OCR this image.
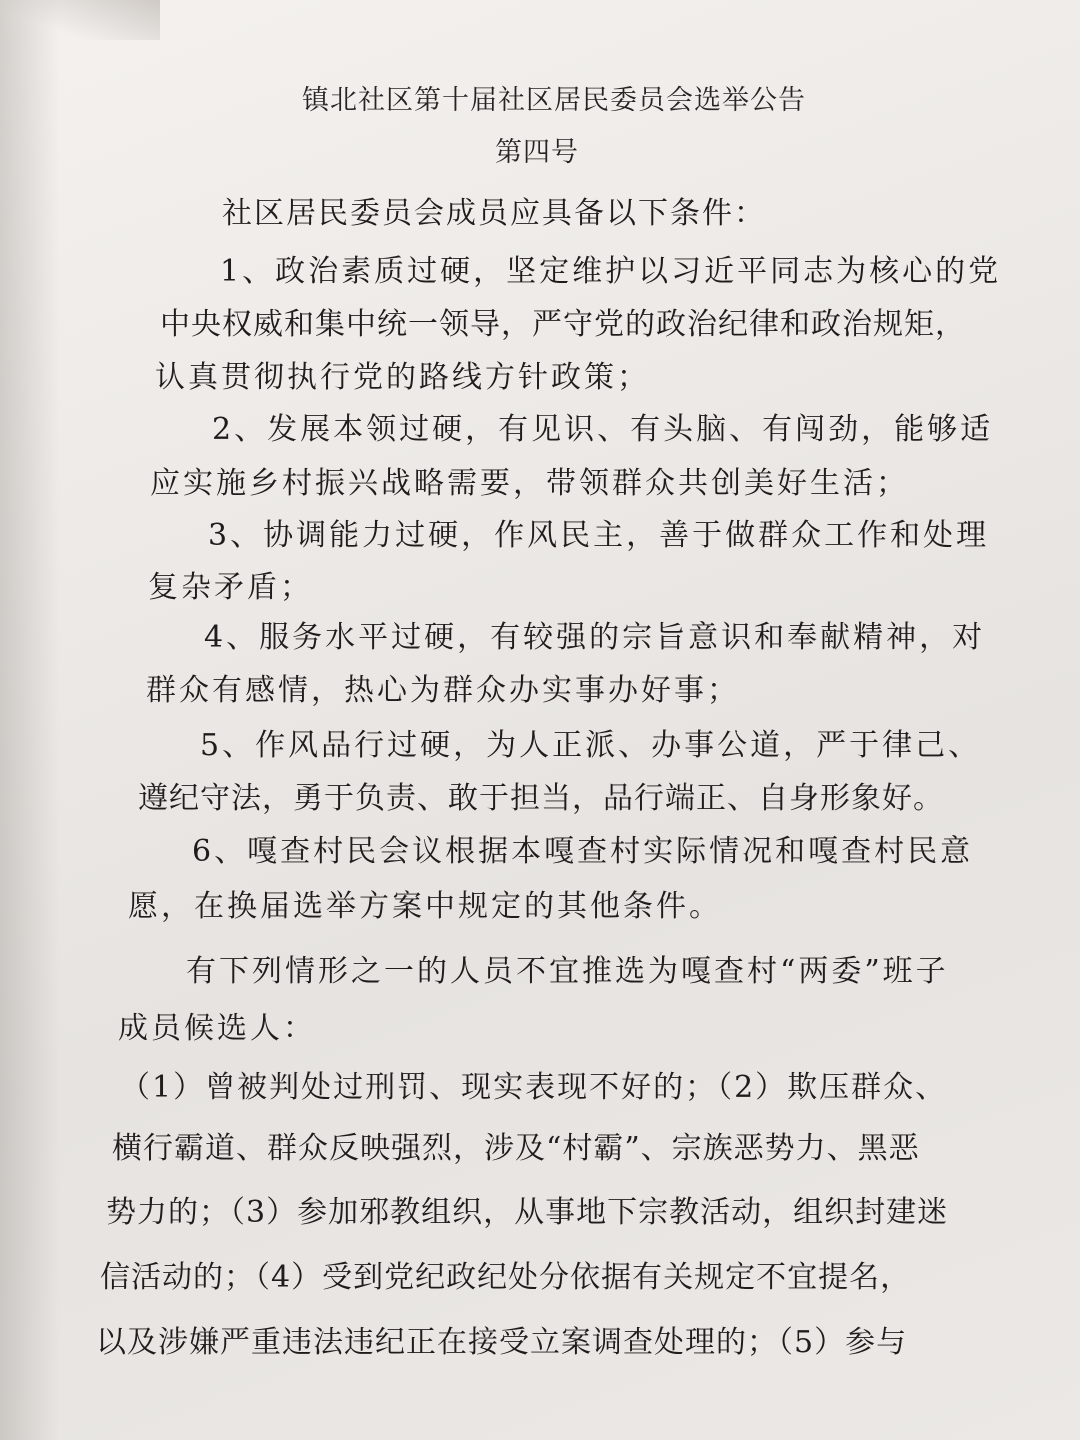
镇北社区第十届社区居民委员会选举公告
第四号
社区居民委员会成员应具备以下条件：
1、政治素质过硬，坚定维护以习近平同志为核心的党
中央权威和集中统一领导，严守党的政治纪律和政治规矩，
认真贯彻执行党的路线方针政策；
2、发展本领过硬，有见识、有头脑、有闯劲，能够适
应实施乡村振兴战略需要，带领群众共创美好生活；
3、协调能力过硬，作风民主，善于做群众工作和处理
复杂矛盾；
4、服务水平过硬，有较强的宗旨意识和奉献精神，对
群众有感情，热心为群众办实事办好事；
5、作风品行过硬，为人正派、办事公道，严于律己、
遵纪守法，勇于负责、敢于担当，品行端正、自身形象好。
6、嘎查村民会议根据本嘎查村实际情况和嘎查村民意
愿，在换届选举方案中规定的其他条件。
有下列情形之一的人员不宜推选为嘎查村“两委”班子
成员候选人：
（1）曾被判处过刑罚、现实表现不好的；（2）欺压群众、
横行霸道、群众反映强烈，涉及“村霸”、宗族恶势力、黑恶
势力的；（3）参加邪教组织，从事地下宗教活动，组织封建迷
信活动的；（4）受到党纪政纪处分依据有关规定不宜提名，
以及涉嫌严重违法违纪正在接受立案调查处理的；（5）参与
